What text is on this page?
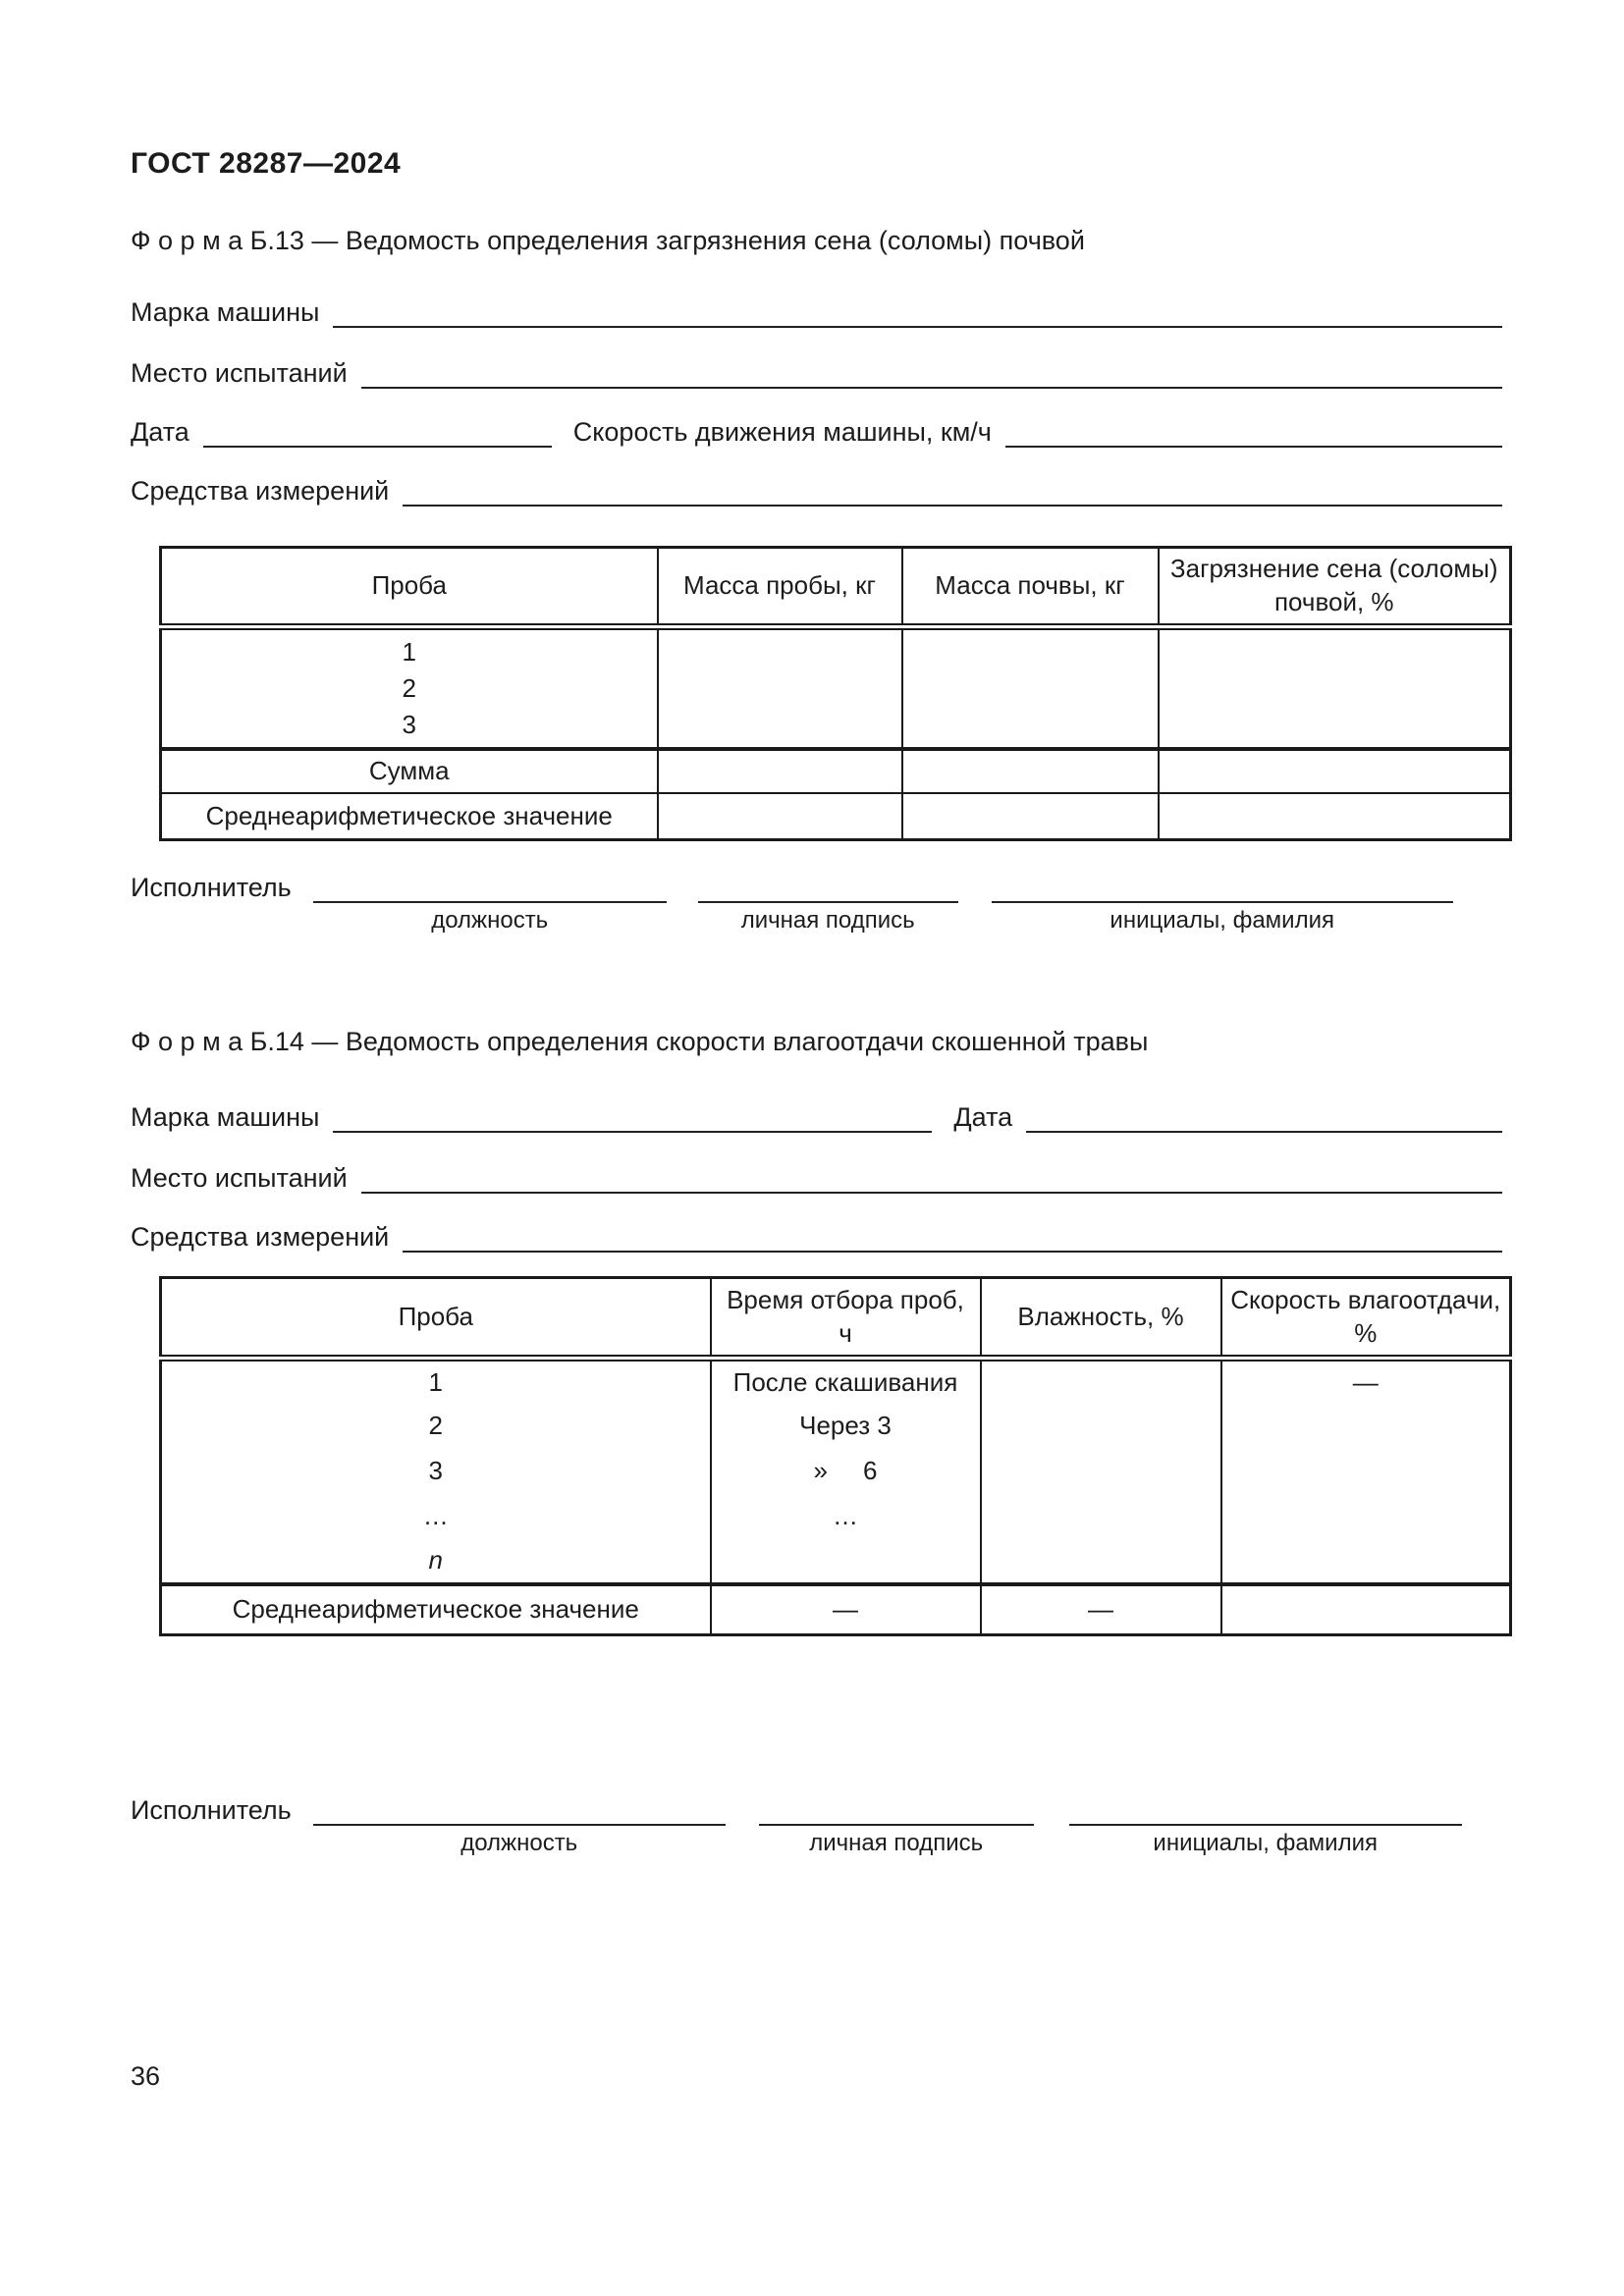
ГОСТ 28287—2024
Ф о р м а Б.13 — Ведомость определения загрязнения сена (соломы) почвой
Марка машины
Место испытаний
Дата	Скорость движения машины, км/ч
Средства измерений
Проба	Масса пробы, кг	Масса почвы, кг	Загрязнение сена (соломы) почвой, %

1
2
3			

Сумма			
Среднеарифметическое значение			
Исполнитель
должность	личная подпись	инициалы, фамилия
Ф о р м а Б.14 — Ведомость определения скорости влагоотдачи скошенной травы
Марка машины	Дата
Место испытаний
Средства измерений
Проба	Время отбора проб, ч	Влажность, %	Скорость влагоотдачи, %
1	После скашивания		—
2	Через 3		
3	»     6		
…	…		
n			
Среднеарифметическое значение	—	—	
Исполнитель
должность	личная подпись	инициалы, фамилия
36
